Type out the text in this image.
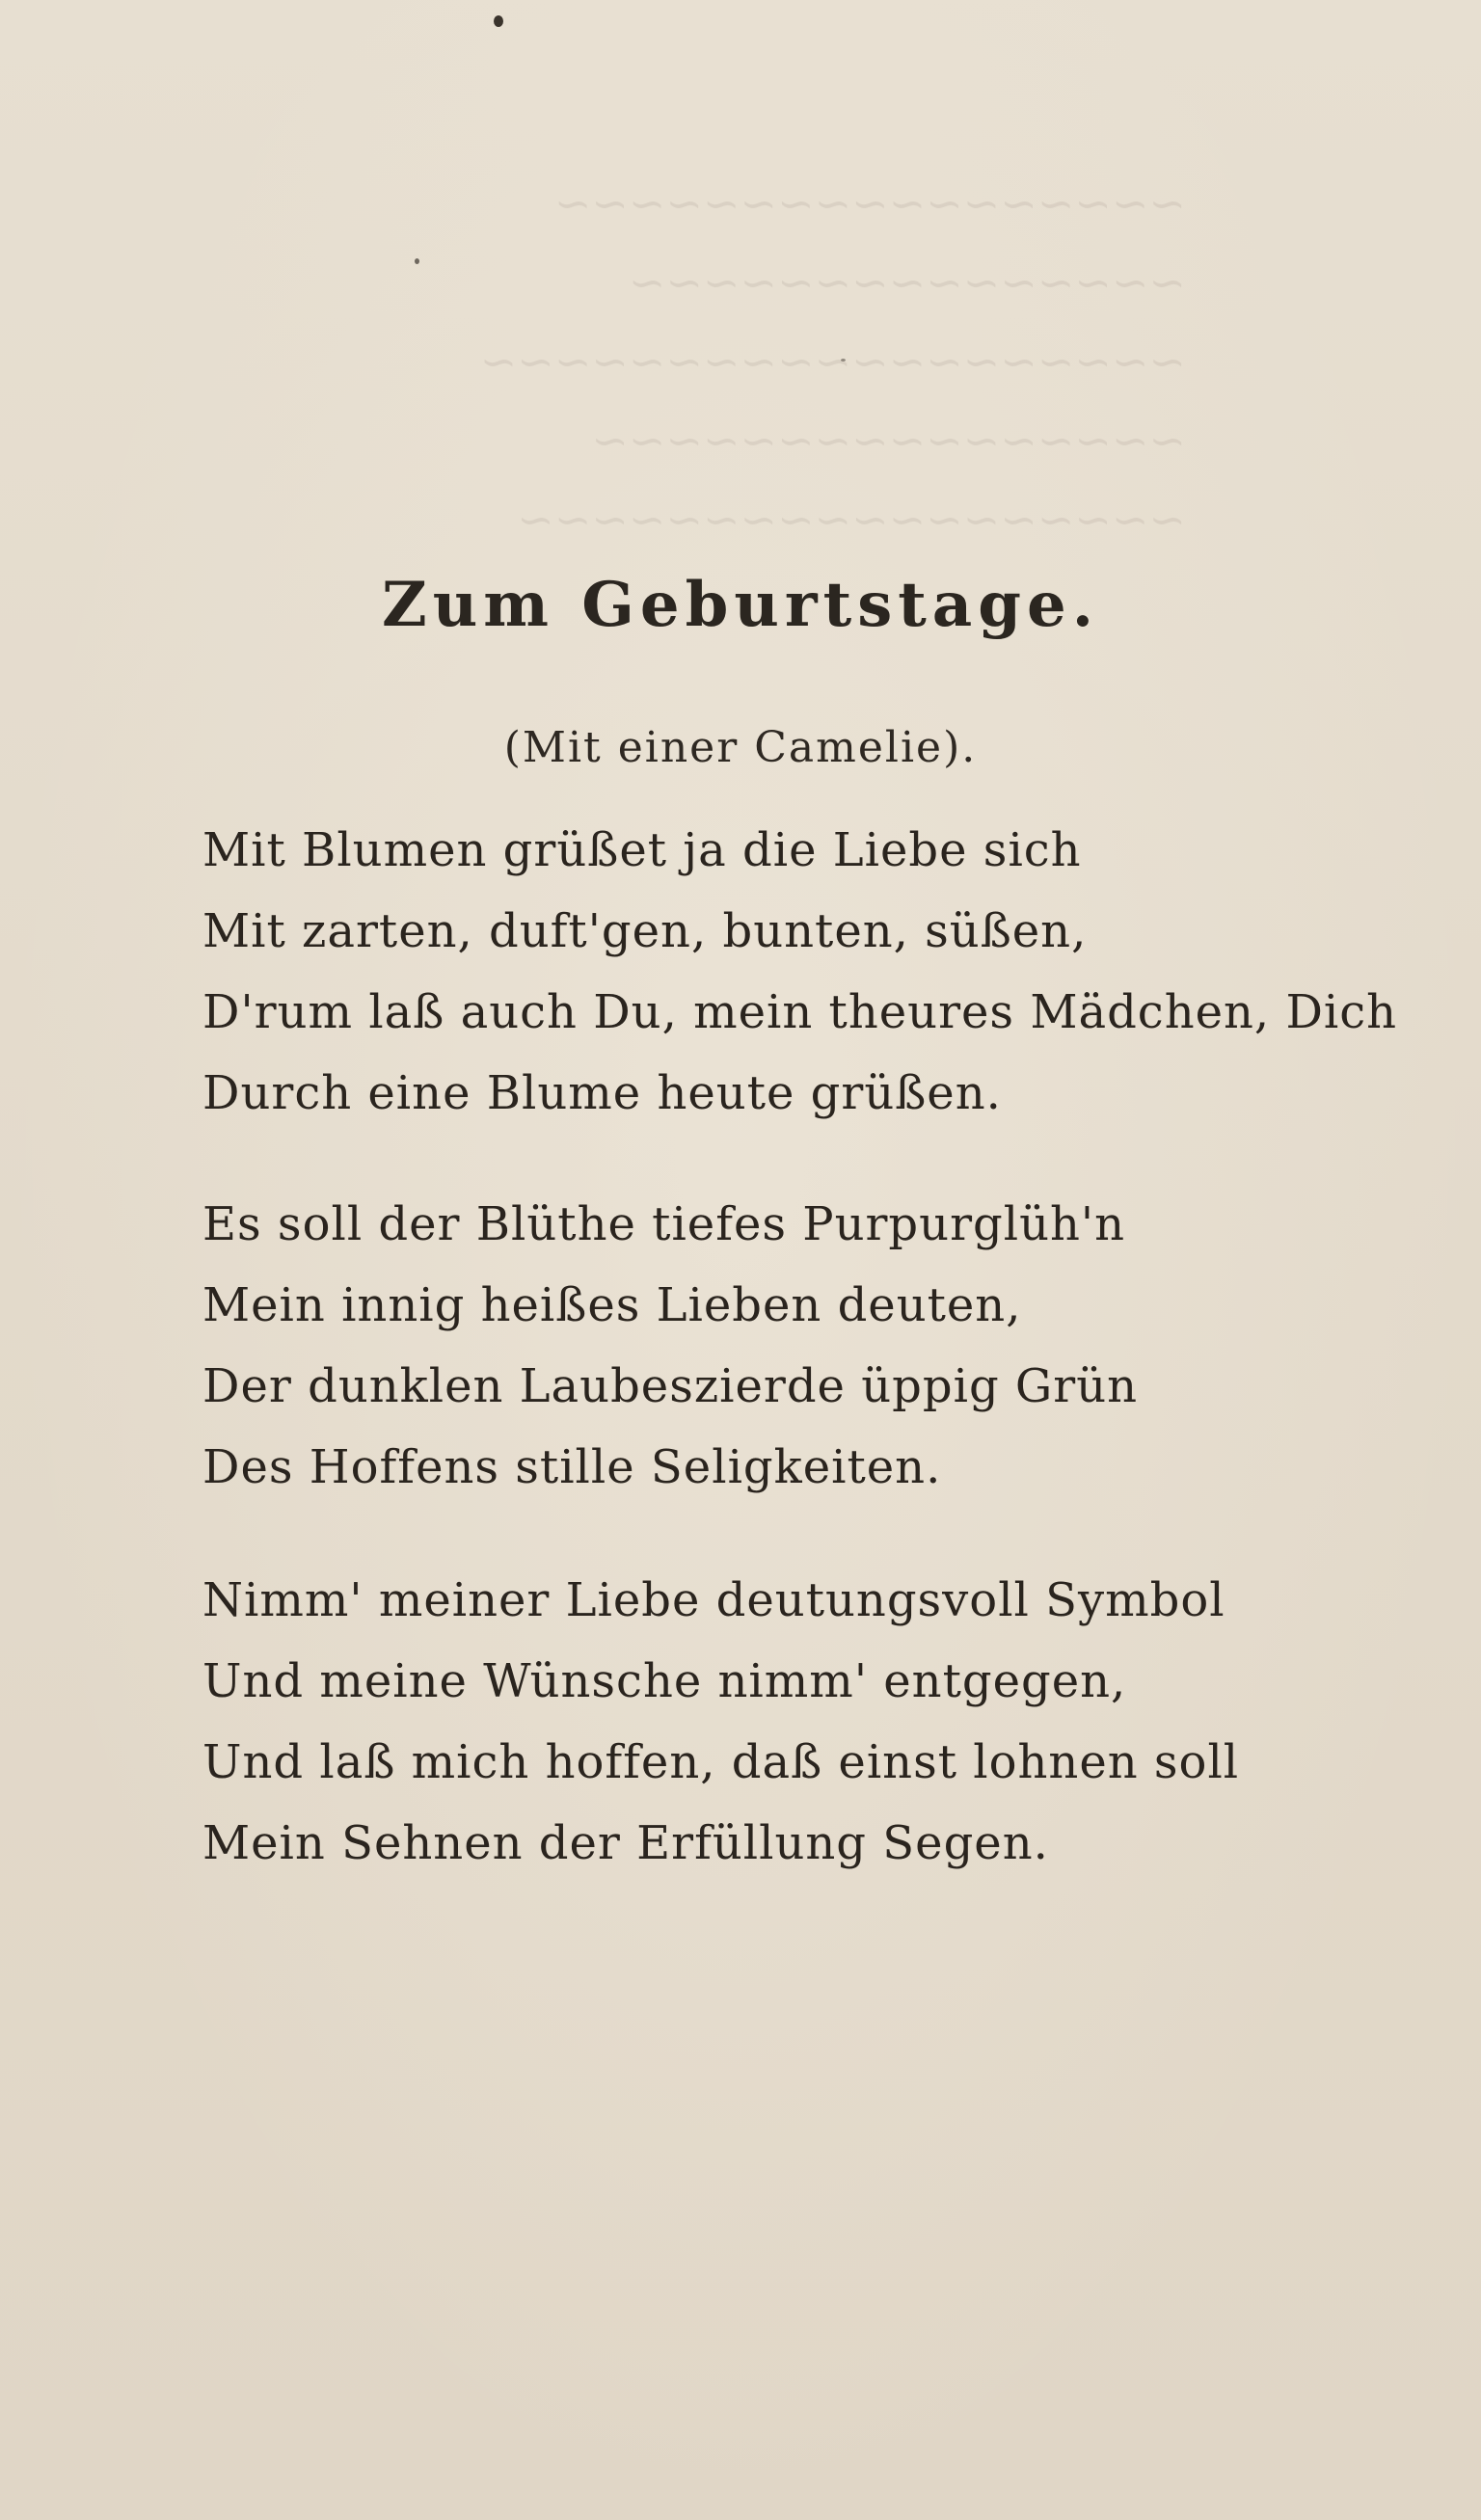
~~~~~~~~~~~~~~~~~
~~~~~~~~~~~~~~~
~~~~~~~~~~~~~~~~~~~
~~~~~~~~~~~~~~~~
~~~~~~~~~~~~~~~~~~
Zum Geburtstage.
(Mit einer Camelie).
Mit Blumen grüßet ja die Liebe sich
Mit zarten, duft'gen, bunten, süßen,
D'rum laß auch Du, mein theures Mädchen, Dich
Durch eine Blume heute grüßen.
Es soll der Blüthe tiefes Purpurglüh'n
Mein innig heißes Lieben deuten,
Der dunklen Laubeszierde üppig Grün
Des Hoffens stille Seligkeiten.
Nimm' meiner Liebe deutungsvoll Symbol
Und meine Wünsche nimm' entgegen,
Und laß mich hoffen, daß einst lohnen soll
Mein Sehnen der Erfüllung Segen.
